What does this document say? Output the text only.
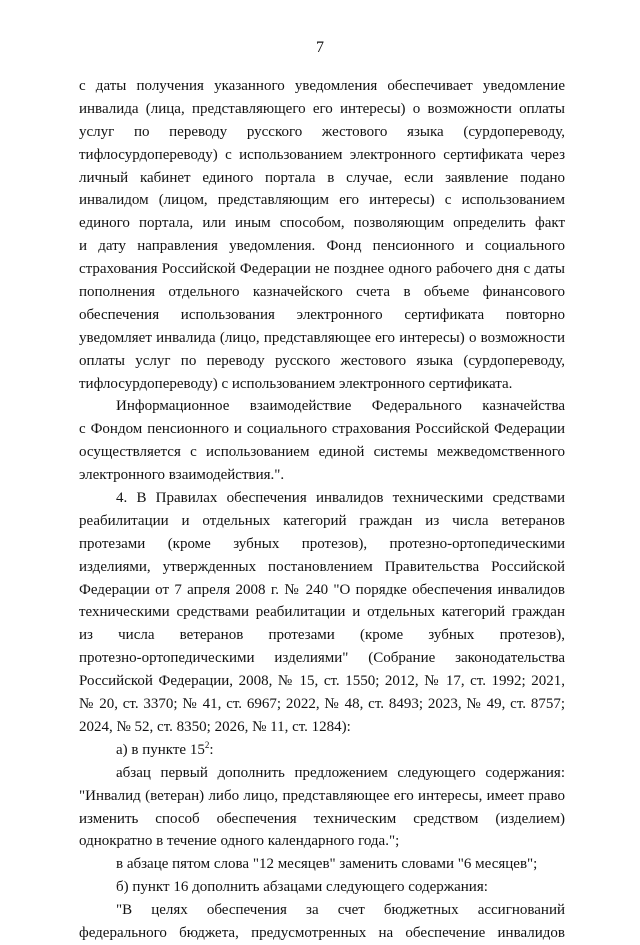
7
с даты получения указанного уведомления обеспечивает уведомление
инвалида (лица, представляющего его интересы) о возможности оплаты
услуг по переводу русского жестового языка (сурдопереводу,
тифлосурдопереводу) с использованием электронного сертификата через
личный кабинет единого портала в случае, если заявление подано
инвалидом (лицом, представляющим его интересы) с использованием
единого портала, или иным способом, позволяющим определить факт
и дату направления уведомления. Фонд пенсионного и социального
страхования Российской Федерации не позднее одного рабочего дня с даты
пополнения отдельного казначейского счета в объеме финансового
обеспечения использования электронного сертификата повторно
уведомляет инвалида (лицо, представляющее его интересы) о возможности
оплаты услуг по переводу русского жестового языка (сурдопереводу,
тифлосурдопереводу) с использованием электронного сертификата.
Информационное взаимодействие Федерального казначейства
с Фондом пенсионного и социального страхования Российской Федерации
осуществляется с использованием единой системы межведомственного
электронного взаимодействия.".
4. В Правилах обеспечения инвалидов техническими средствами
реабилитации и отдельных категорий граждан из числа ветеранов
протезами (кроме зубных протезов), протезно-ортопедическими
изделиями, утвержденных постановлением Правительства Российской
Федерации от 7 апреля 2008 г. № 240 "О порядке обеспечения инвалидов
техническими средствами реабилитации и отдельных категорий граждан
из числа ветеранов протезами (кроме зубных протезов),
протезно-ортопедическими изделиями" (Собрание законодательства
Российской Федерации, 2008, № 15, ст. 1550; 2012, № 17, ст. 1992; 2021,
№ 20, ст. 3370; № 41, ст. 6967; 2022, № 48, ст. 8493; 2023, № 49, ст. 8757;
2024, № 52, ст. 8350; 2026, № 11, ст. 1284):
а) в пункте $15^2$:
абзац первый дополнить предложением следующего содержания:
"Инвалид (ветеран) либо лицо, представляющее его интересы, имеет право
изменить способ обеспечения техническим средством (изделием)
однократно в течение одного календарного года.";
в абзаце пятом слова "12 месяцев" заменить словами "6 месяцев";
б) пункт 16 дополнить абзацами следующего содержания:
"В целях обеспечения за счет бюджетных ассигнований
федерального бюджета, предусмотренных на обеспечение инвалидов
